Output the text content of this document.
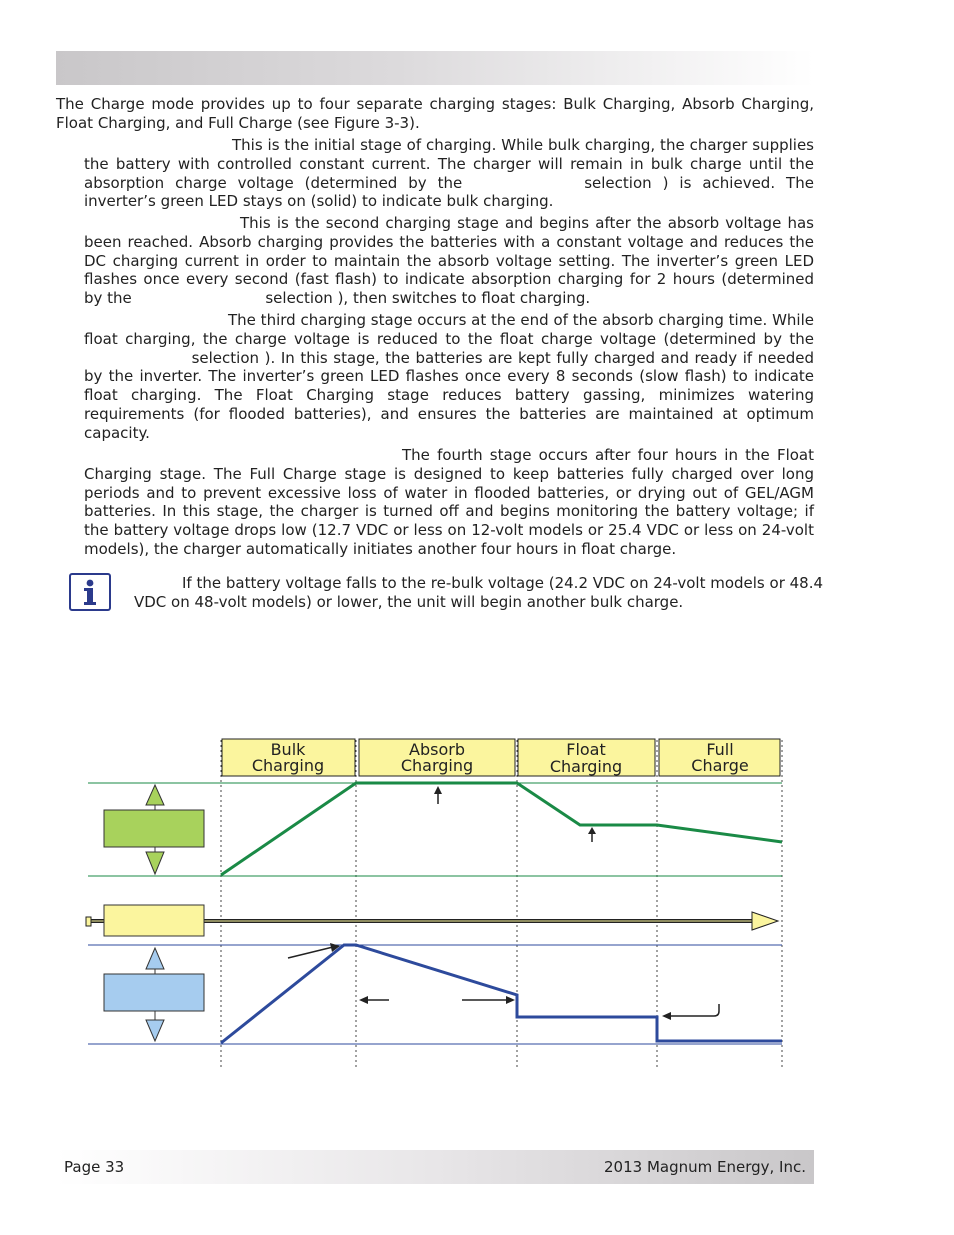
The Charge mode provides up to four separate charging stages: Bulk Charging, Absorb Charging, Float Charging, and Full Charge (see Figure 3-3).

This is the initial stage of charging. While bulk charging, the charger supplies the battery with controlled constant current. The charger will remain in bulk charge until the absorption charge voltage (determined by the	selection ) is achieved. The inverter’s green LED stays on (solid) to indicate bulk charging.

This is the second charging stage and begins after the absorb voltage has been reached. Absorb charging provides the batteries with a constant voltage and reduces the DC charging current in order to maintain the absorb voltage setting. The inverter’s green LED flashes once every second (fast flash) to indicate absorption charging for 2 hours (determined by the	selection ), then switches to float charging.

The third charging stage occurs at the end of the absorb charging time. While float charging, the charge voltage is reduced to the float charge voltage (determined by the  selection ). In this stage, the batteries are kept fully charged and ready if needed by the inverter. The inverter’s green LED flashes once every 8 seconds (slow flash) to indicate float charging. The Float Charging stage reduces battery gassing, minimizes watering requirements (for flooded batteries), and ensures the batteries are maintained at optimum capacity.

The fourth stage occurs after four hours in the Float Charging stage. The Full Charge stage is designed to keep batteries fully charged over long periods and to prevent excessive loss of water in flooded batteries, or drying out of GEL/AGM batteries. In this stage, the charger is turned off and begins monitoring the battery voltage; if the battery voltage drops low (12.7 VDC or less on 12-volt models or 25.4 VDC or less on 24-volt models), the charger automatically initiates another four hours in float charge.

If the battery voltage falls to the re-bulk voltage (24.2 VDC on 24-volt models or 48.4 VDC on 48-volt models) or lower, the unit will begin another bulk charge.

Bulk
Charging
Absorb
Charging
Float
Charging
Full
Charge
Page 33	2013 Magnum Energy, Inc.
